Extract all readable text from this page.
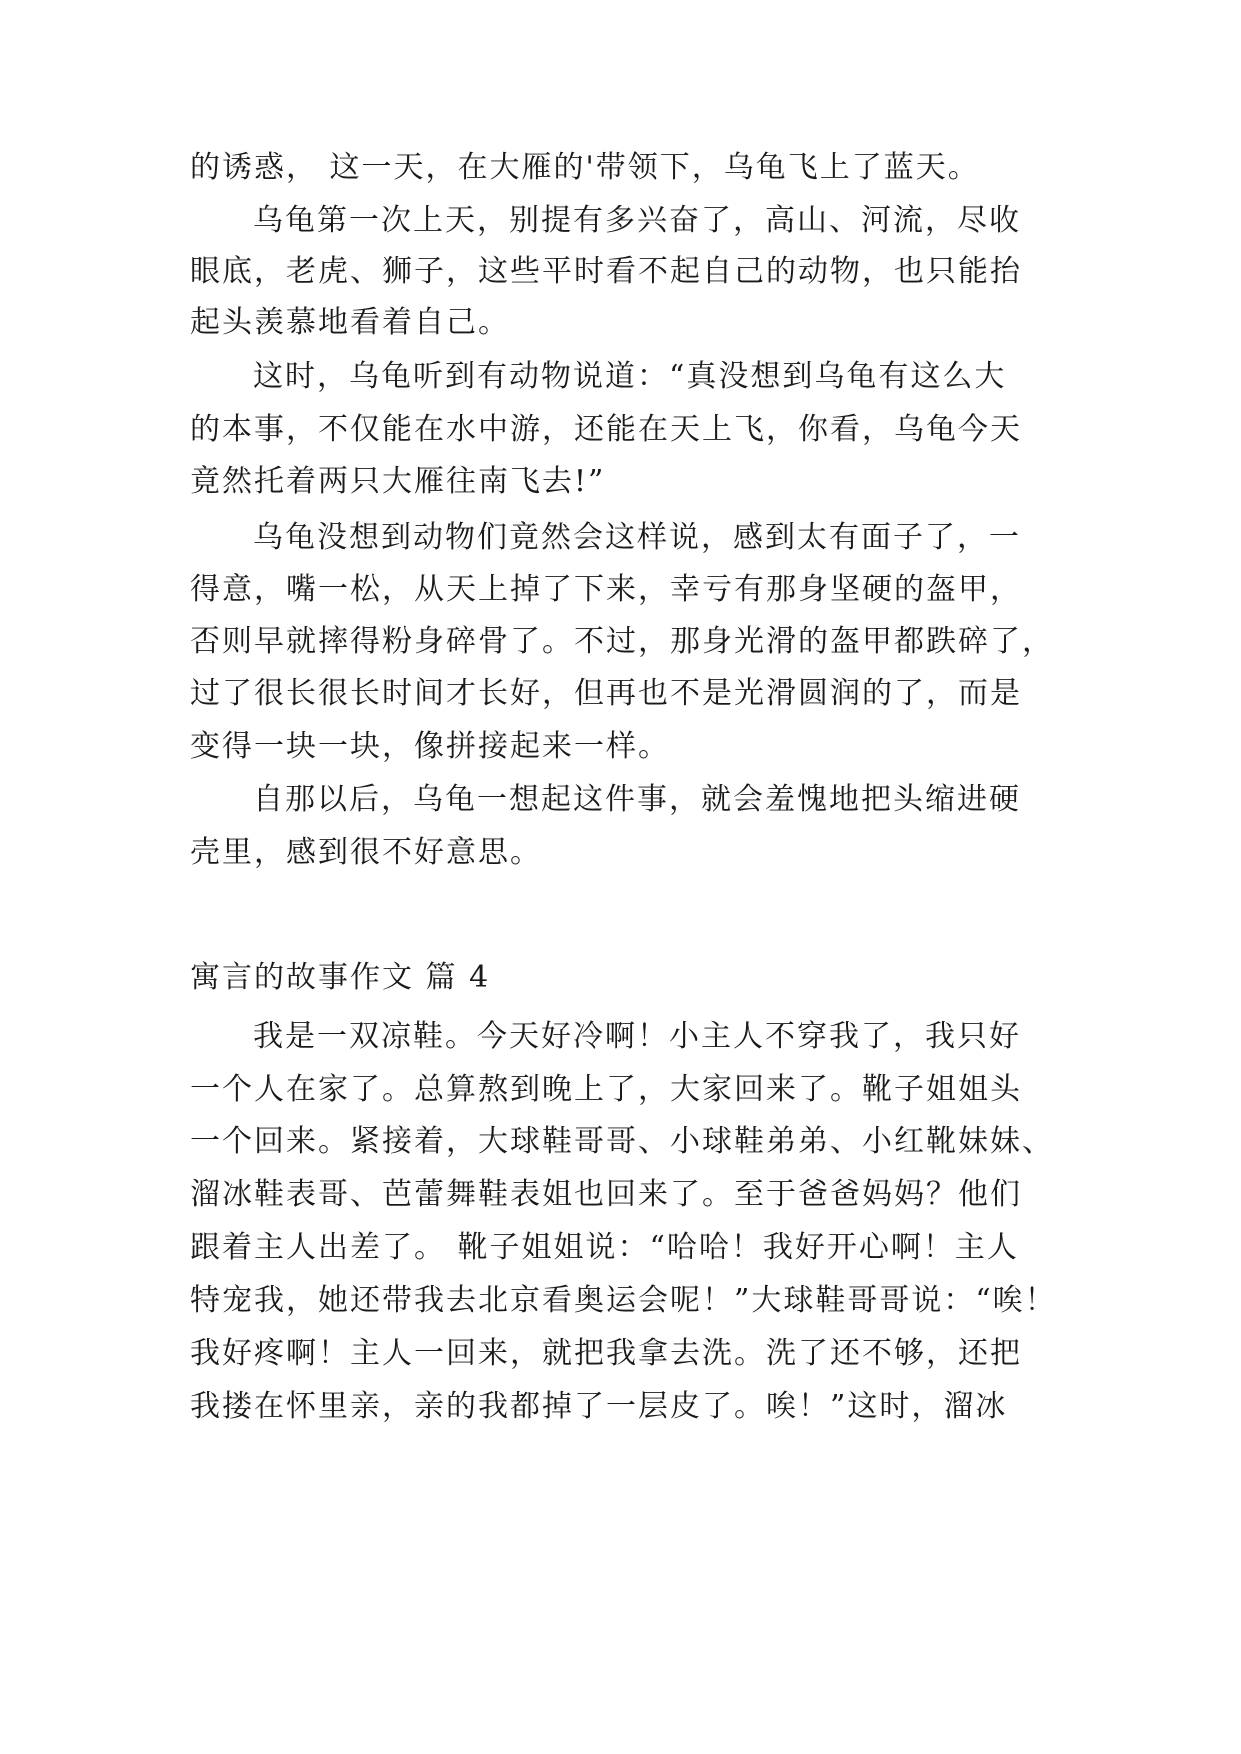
的诱惑， 这一天，在大雁的'带领下，乌龟飞上了蓝天。
乌龟第一次上天，别提有多兴奋了，高山、河流，尽收
眼底，老虎、狮子，这些平时看不起自己的动物，也只能抬
起头羡慕地看着自己。
这时，乌龟听到有动物说道：“真没想到乌龟有这么大
的本事，不仅能在水中游，还能在天上飞，你看，乌龟今天
竟然托着两只大雁往南飞去!”
乌龟没想到动物们竟然会这样说，感到太有面子了，一
得意，嘴一松，从天上掉了下来，幸亏有那身坚硬的盔甲，
否则早就摔得粉身碎骨了。不过，那身光滑的盔甲都跌碎了，
过了很长很长时间才长好，但再也不是光滑圆润的了，而是
变得一块一块，像拼接起来一样。
自那以后，乌龟一想起这件事，就会羞愧地把头缩进硬
壳里，感到很不好意思。
寓言的故事作文 篇 4
我是一双凉鞋。今天好冷啊！小主人不穿我了，我只好
一个人在家了。总算熬到晚上了，大家回来了。靴子姐姐头
一个回来。紧接着，大球鞋哥哥、小球鞋弟弟、小红靴妹妹、
溜冰鞋表哥、芭蕾舞鞋表姐也回来了。至于爸爸妈妈？他们
跟着主人出差了。 靴子姐姐说：“哈哈！我好开心啊！主人
特宠我，她还带我去北京看奥运会呢！”大球鞋哥哥说：“唉！
我好疼啊！主人一回来，就把我拿去洗。洗了还不够，还把
我搂在怀里亲，亲的我都掉了一层皮了。唉！”这时，溜冰
